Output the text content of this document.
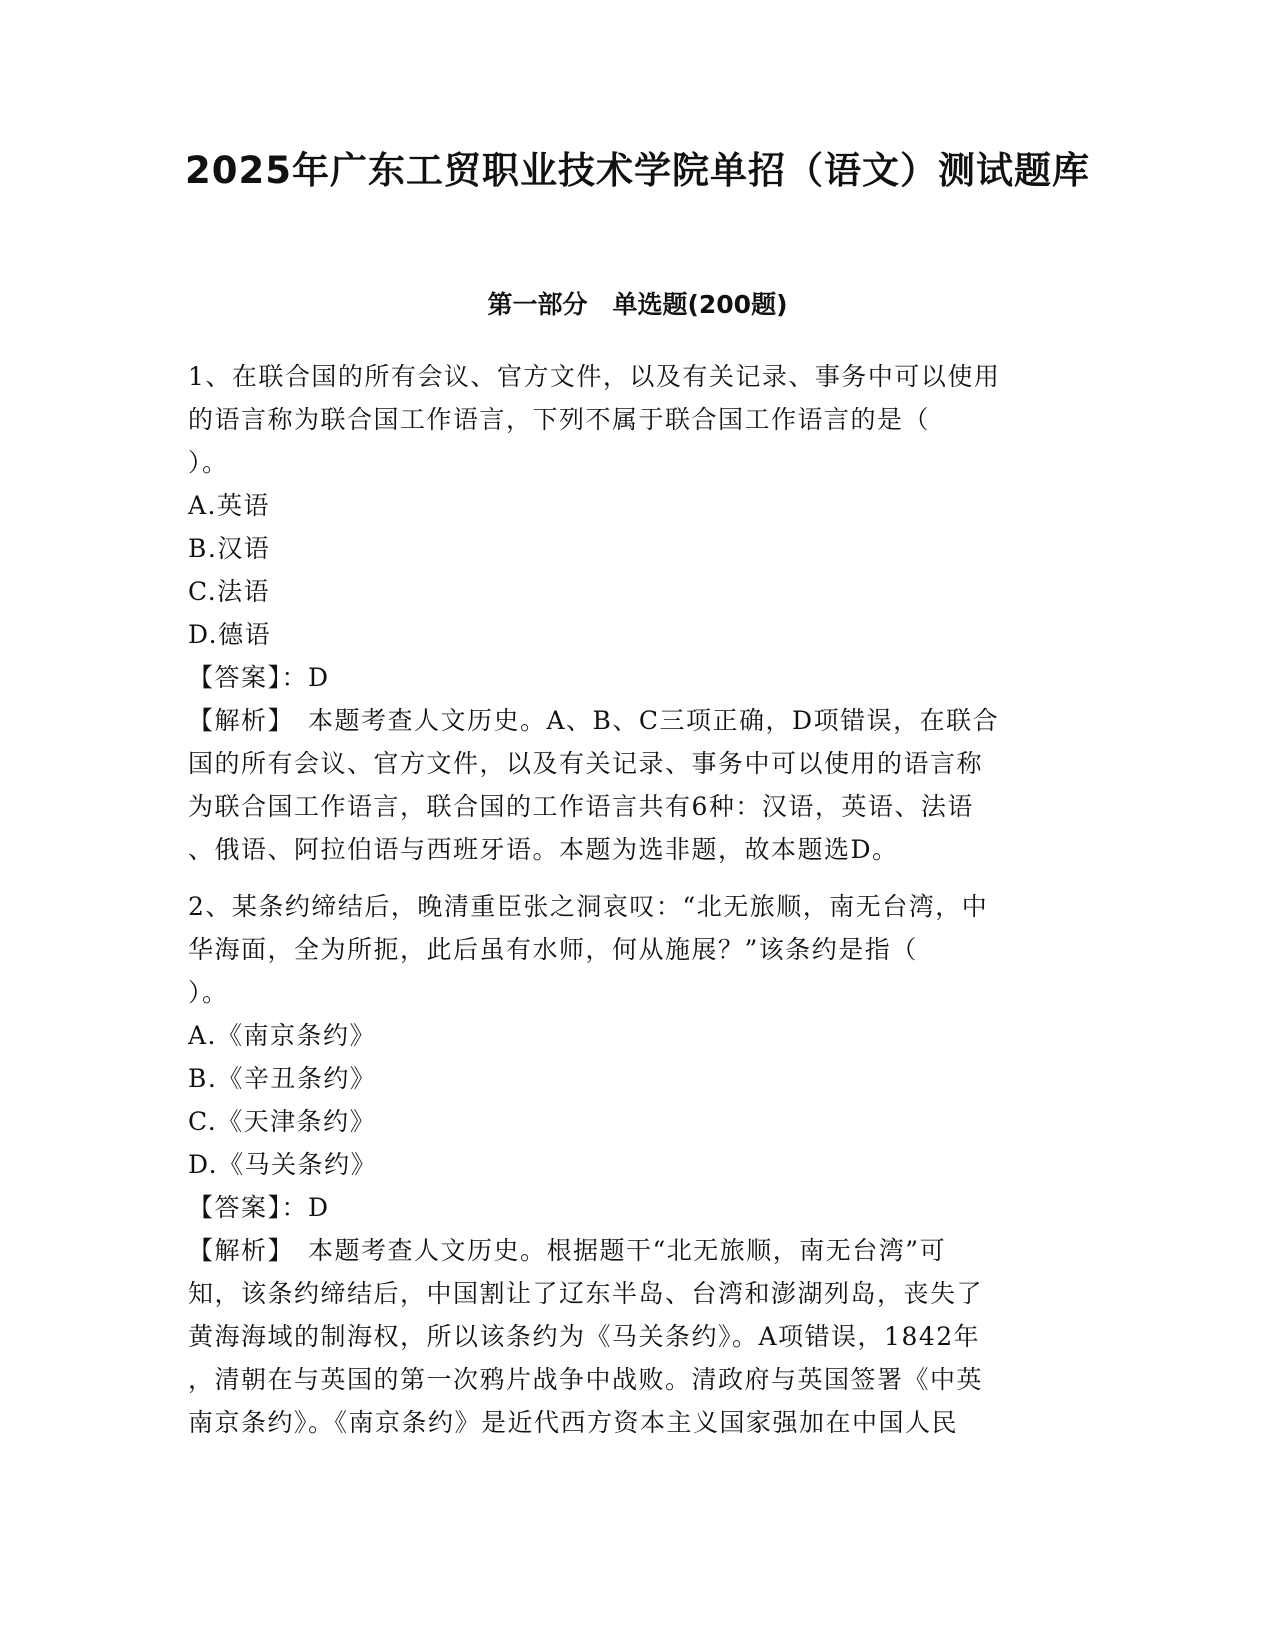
2025年广东工贸职业技术学院单招（语文）测试题库
第一部分　单选题(200题)
1、在联合国的所有会议、官方文件，以及有关记录、事务中可以使用
的语言称为联合国工作语言，下列不属于联合国工作语言的是（
）。
A.英语
B.汉语
C.法语
D.德语
【答案】：D
【解析】　本题考查人文历史。A、B、C三项正确，D项错误，在联合
国的所有会议、官方文件，以及有关记录、事务中可以使用的语言称
为联合国工作语言，联合国的工作语言共有6种：汉语，英语、法语
、俄语、阿拉伯语与西班牙语。本题为选非题，故本题选D。
2、某条约缔结后，晚清重臣张之洞哀叹：“北无旅顺，南无台湾，中
华海面，全为所扼，此后虽有水师，何从施展？”该条约是指（
）。
A.《南京条约》
B.《辛丑条约》
C.《天津条约》
D.《马关条约》
【答案】：D
【解析】　本题考查人文历史。根据题干“北无旅顺，南无台湾”可
知，该条约缔结后，中国割让了辽东半岛、台湾和澎湖列岛，丧失了
黄海海域的制海权，所以该条约为《马关条约》。A项错误，1842年
，清朝在与英国的第一次鸦片战争中战败。清政府与英国签署《中英
南京条约》。《南京条约》是近代西方资本主义国家强加在中国人民
